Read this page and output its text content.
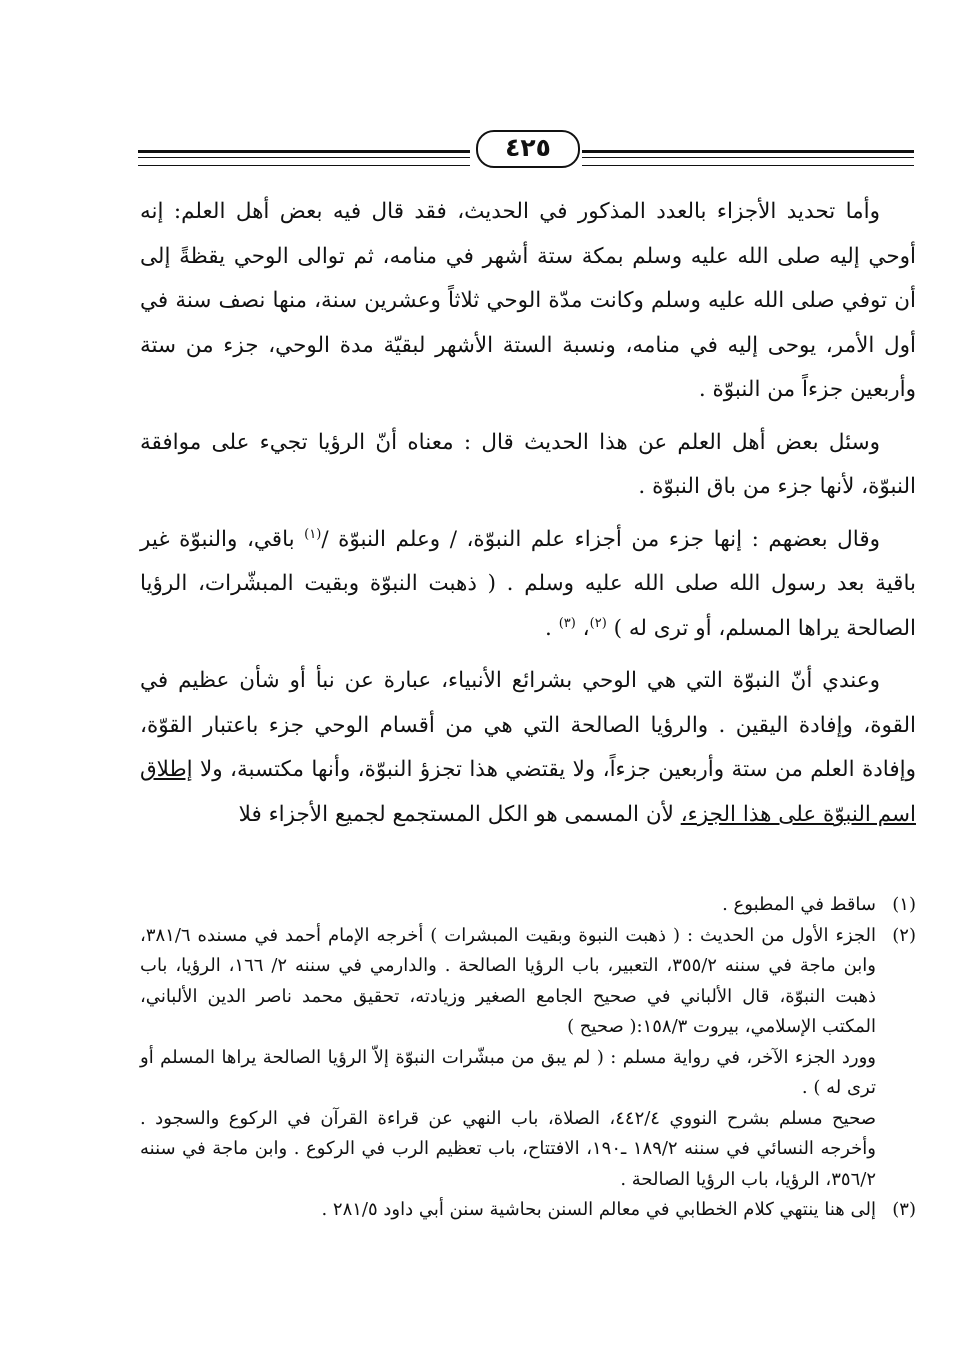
٤٢٥

وأما تحديد الأجزاء بالعدد المذكور في الحديث، فقد قال فيه بعض أهل العلم: إنه أوحي إليه صلى الله عليه وسلم بمكة ستة أشهر في منامه، ثم توالى الوحي يقظةً إلى أن توفي صلى الله عليه وسلم وكانت مدّة الوحي ثلاثاً وعشرين سنة، منها نصف سنة في أول الأمر، يوحى إليه في منامه، ونسبة الستة الأشهر لبقيّة مدة الوحي، جزء من ستة وأربعين جزءاً من النبوّة .

وسئل بعض أهل العلم عن هذا الحديث قال : معناه أنّ الرؤيا تجيء على موافقة النبوّة، لأنها جزء من باق النبوّة .

وقال بعضهم : إنها جزء من أجزاء علم النبوّة، / وعلم النبوّة /$^{(١)}$ باقي، والنبوّة غير باقية بعد رسول الله صلى الله عليه وسلم . ( ذهبت النبوّة وبقيت المبشّرات، الرؤيا الصالحة يراها المسلم، أو ترى له ) $^{(٢)}$، $^{(٣)}$ .

وعندي أنّ النبوّة التي هي الوحي بشرائع الأنبياء، عبارة عن نبأ أو شأن عظيم في القوة، وإفادة اليقين . والرؤيا الصالحة التي هي من أقسام الوحي جزء باعتبار القوّة، وإفادة العلم من ستة وأربعين جزءاً، ولا يقتضي هذا تجزؤ النبوّة، وأنها مكتسبة، ولا إطلاق اسم النبوّة على هذا الجزء، لأن المسمى هو الكل المستجمع لجميع الأجزاء فلا

(١)
ساقط في المطبوع .
(٢)
الجزء الأول من الحديث : ( ذهبت النبوة وبقيت المبشرات ) أخرجه الإمام أحمد في مسنده ٣٨١/٦، وابن ماجة في سننه ٣٥٥/٢، التعبير، باب الرؤيا الصالحة . والدارمي في سننه ٢/ ١٦٦، الرؤيا، باب ذهبت النبوّة، قال الألباني في صحيح الجامع الصغير وزيادته، تحقيق محمد ناصر الدين الألباني، المكتب الإسلامي، بيروت ١٥٨/٣:( صحيح )
وورد الجزء الآخر، في رواية مسلم : ( لم يبق من مبشّرات النبوّة إلاّ الرؤيا الصالحة يراها المسلم أو ترى له ) .
صحيح مسلم بشرح النووي ٤٤٢/٤، الصلاة، باب النهي عن قراءة القرآن في الركوع والسجود . وأخرجه النسائي في سننه ١٨٩/٢ ـ١٩٠، الافتتاح، باب تعظيم الرب في الركوع . وابن ماجة في سننه ٣٥٦/٢، الرؤيا، باب الرؤيا الصالحة .
(٣)
إلى هنا ينتهي كلام الخطابي في معالم السنن بحاشية سنن أبي داود ٢٨١/٥ .
